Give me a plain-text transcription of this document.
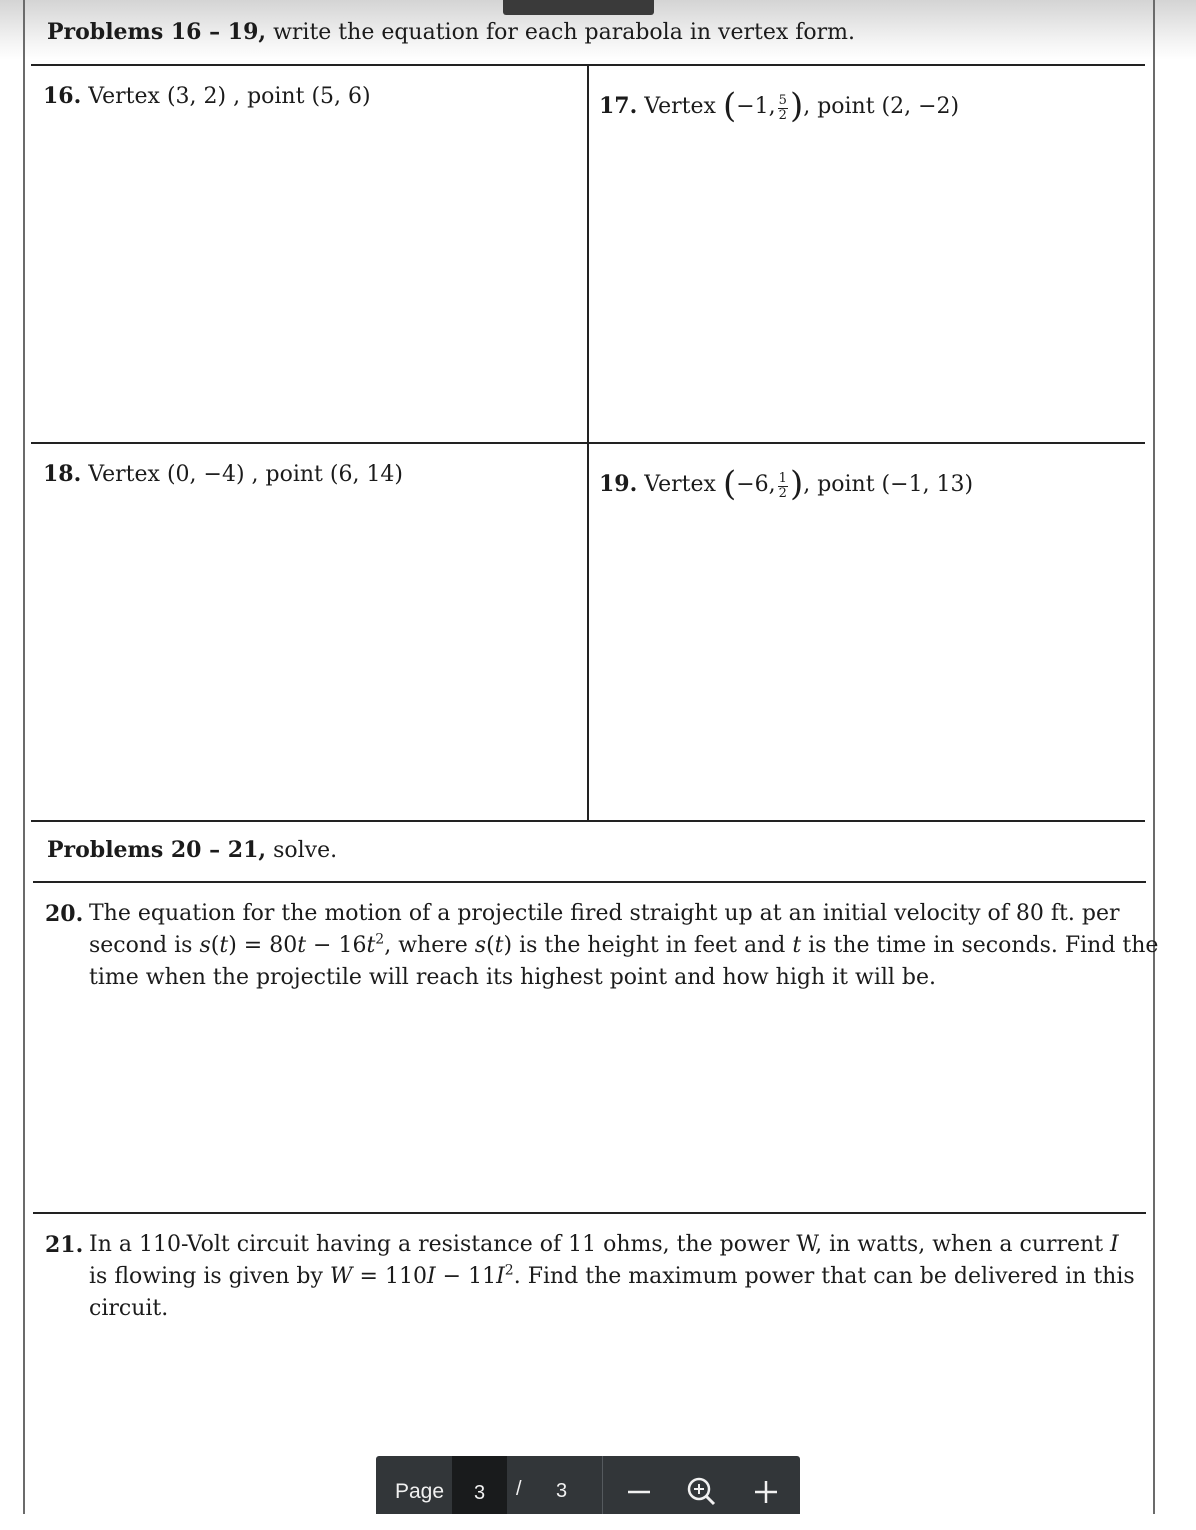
Problems 16 – 19, write the equation for each parabola in vertex form.
16. Vertex (3, 2) , point (5, 6)	17. Vertex (−1, $\frac{5}{2}$ ), point (2, −2)
18. Vertex (0, −4) , point (6, 14)	19. Vertex (−6, $\frac{1}{2}$ ), point (−1, 13)
Problems 20 – 21, solve.
20. The equation for the motion of a projectile fired straight up at an initial velocity of 80 ft. per
second is $s(t) = 80t - 16t^2$, where s(t) is the height in feet and t is the time in seconds. Find the
time when the projectile will reach its highest point and how high it will be.
21. In a 110-Volt circuit having a resistance of 11 ohms, the power W, in watts, when a current I
is flowing is given by $W = 110I - 11I^2$. Find the maximum power that can be delivered in this
circuit.
Page	3	/ 3
